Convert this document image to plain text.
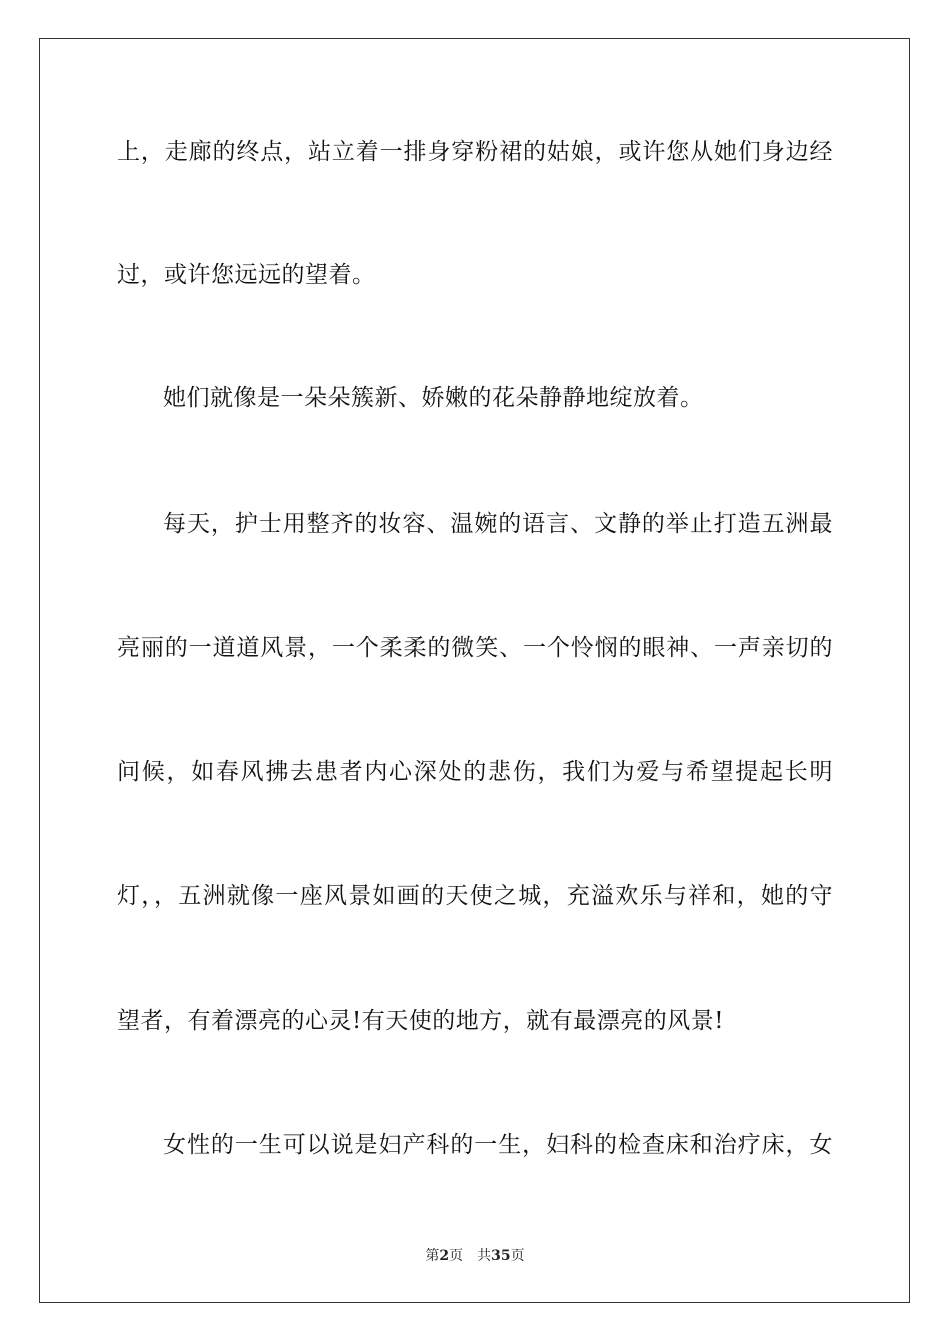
上，走廊的终点，站立着一排身穿粉裙的姑娘，或许您从她们身边经
过，或许您远远的望着。
她们就像是一朵朵簇新、娇嫩的花朵静静地绽放着。
每天，护士用整齐的妆容、温婉的语言、文静的举止打造五洲最
亮丽的一道道风景，一个柔柔的微笑、一个怜悯的眼神、一声亲切的
问候，如春风拂去患者内心深处的悲伤，我们为爱与希望提起长明
灯，，五洲就像一座风景如画的天使之城，充溢欢乐与祥和，她的守
望者，有着漂亮的心灵!有天使的地方，就有最漂亮的风景!
女性的一生可以说是妇产科的一生，妇科的检查床和治疗床，女
第2页 共35页
